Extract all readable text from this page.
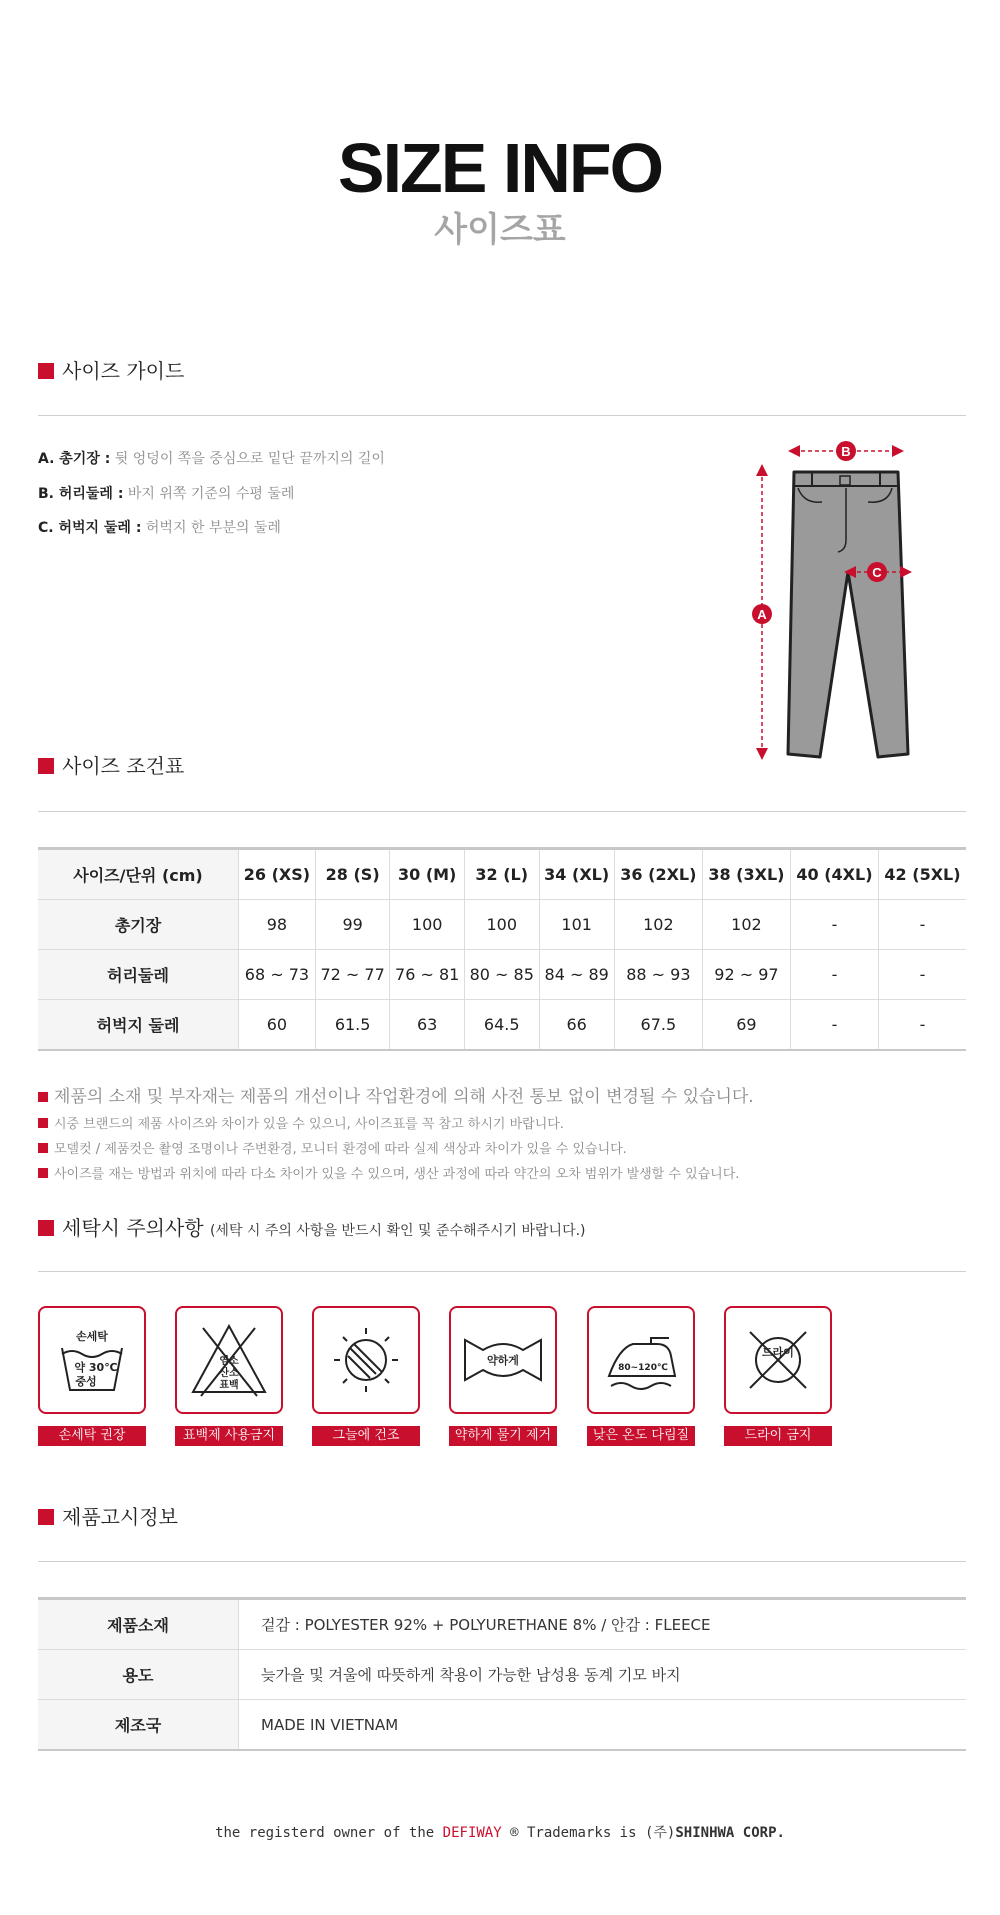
SIZE INFO
사이즈표
사이즈 가이드
A. 총기장 : 뒷 엉덩이 쪽을 중심으로 밑단 끝까지의 길이
B. 허리둘레 : 바지 위쪽 기준의 수평 둘레
C. 허벅지 둘레 : 허벅지 한 부분의 둘레
A
B
C
사이즈 조건표
사이즈/단위 (cm)	26 (XS)	28 (S)	30 (M)	32 (L)	34 (XL)	36 (2XL)	38 (3XL)	40 (4XL)	42 (5XL)
총기장	98	99	100	100	101	102	102	-	-
허리둘레	68 ~ 73	72 ~ 77	76 ~ 81	80 ~ 85	84 ~ 89	88 ~ 93	92 ~ 97	-	-
허벅지 둘레	60	61.5	63	64.5	66	67.5	69	-	-
제품의 소재 및 부자재는 제품의 개선이나 작업환경에 의해 사전 통보 없이 변경될 수 있습니다.
시중 브랜드의 제품 사이즈와 차이가 있을 수 있으니, 사이즈표를 꼭 참고 하시기 바랍니다.
모델컷 / 제품컷은 촬영 조명이나 주변환경, 모니터 환경에 따라 실제 색상과 차이가 있을 수 있습니다.
사이즈를 재는 방법과 위치에 따라 다소 차이가 있을 수 있으며, 생산 과정에 따라 약간의 오차 범위가 발생할 수 있습니다.
세탁시 주의사항 (세탁 시 주의 사항을 반드시 확인 및 준수해주시기 바랍니다.)
손세탁
약 30℃
중성
손세탁 권장
염소
산소
표백
표백제 사용금지	그늘에 건조
약하게
약하게 물기 제거
80~120℃
낮은 온도 다림질
드라이
드라이 금지
제품고시정보
제품소재	겉감 : POLYESTER 92% + POLYURETHANE 8% / 안감 : FLEECE
용도	늦가을 및 겨울에 따뜻하게 착용이 가능한 남성용 동계 기모 바지
제조국	MADE IN VIETNAM
the registerd owner of the DEFIWAY ® Trademarks is (주)SHINHWA CORP.
